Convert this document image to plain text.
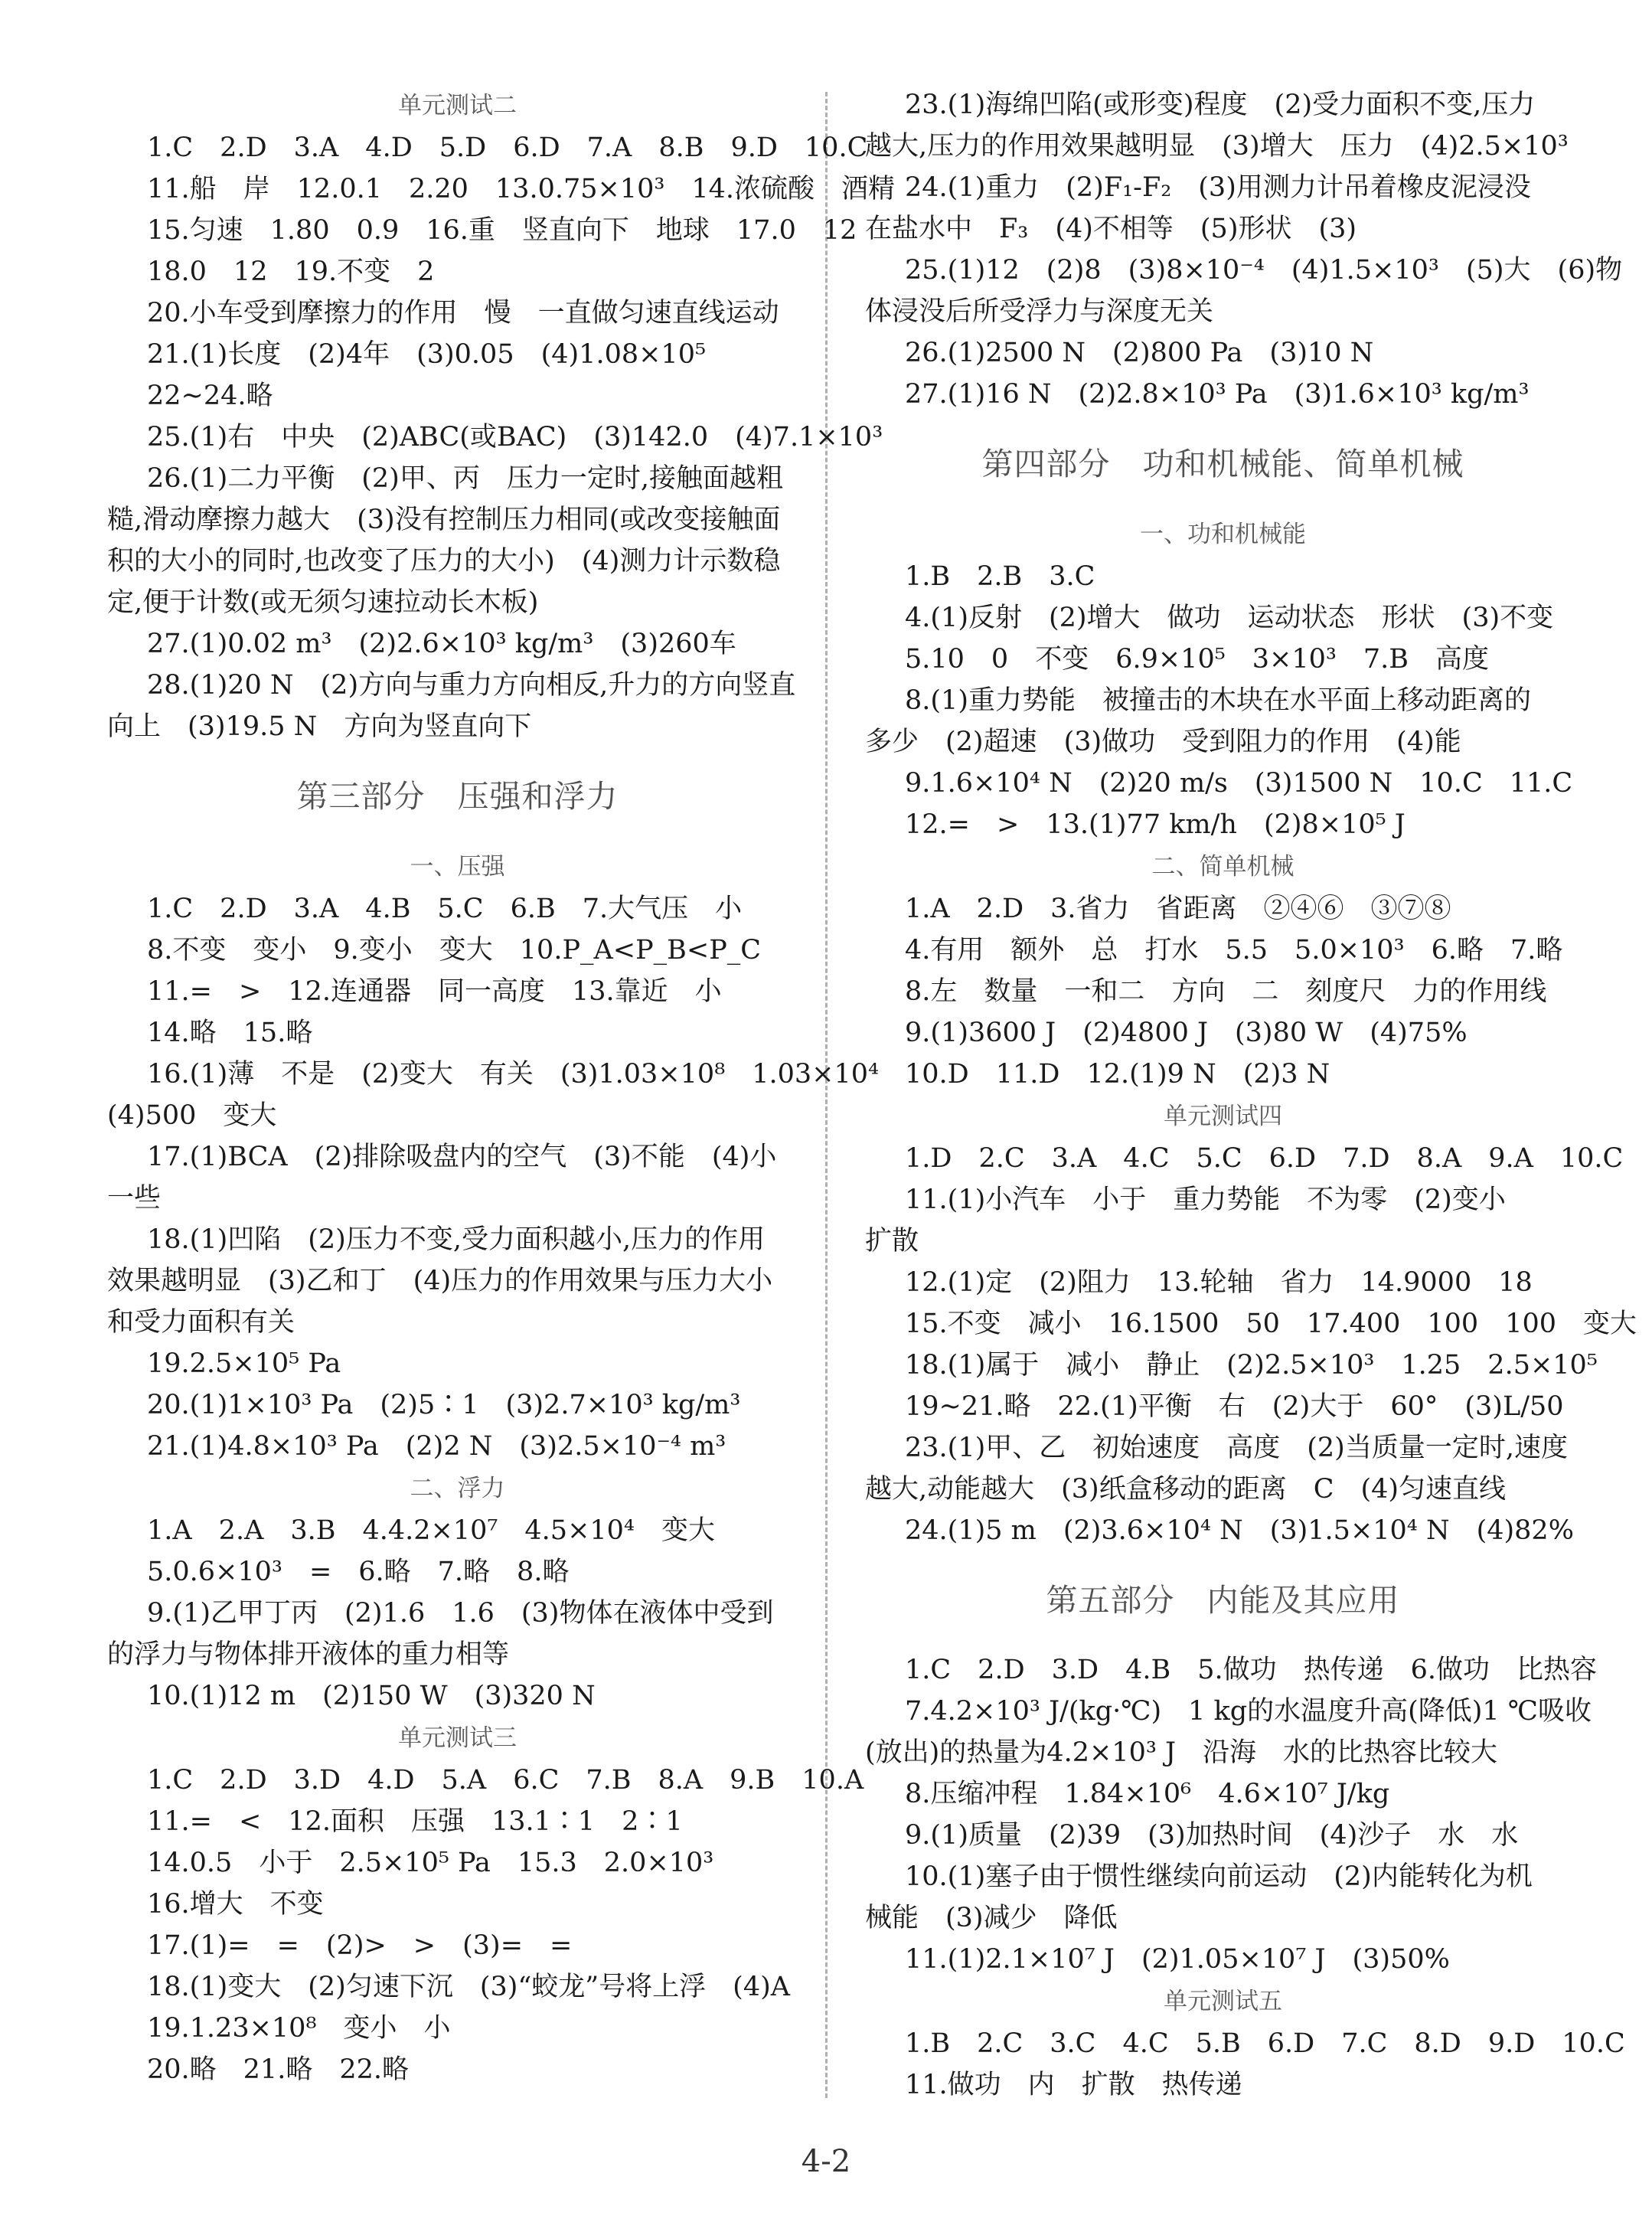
单元测试二
1.C　2.D　3.A　4.D　5.D　6.D　7.A　8.B　9.D　10.C
11.船　岸　12.0.1　2.20　13.0.75×10³　14.浓硫酸　酒精
15.匀速　1.80　0.9　16.重　竖直向下　地球　17.0　12
18.0　12　19.不变　2
20.小车受到摩擦力的作用　慢　一直做匀速直线运动
21.(1)长度　(2)4年　(3)0.05　(4)1.08×10⁵
22~24.略
25.(1)右　中央　(2)ABC(或BAC)　(3)142.0　(4)7.1×10³
26.(1)二力平衡　(2)甲、丙　压力一定时,接触面越粗
糙,滑动摩擦力越大　(3)没有控制压力相同(或改变接触面
积的大小的同时,也改变了压力的大小)　(4)测力计示数稳
定,便于计数(或无须匀速拉动长木板)
27.(1)0.02 m³　(2)2.6×10³ kg/m³　(3)260车
28.(1)20 N　(2)方向与重力方向相反,升力的方向竖直
向上　(3)19.5 N　方向为竖直向下
第三部分　压强和浮力
一、压强
1.C　2.D　3.A　4.B　5.C　6.B　7.大气压　小
8.不变　变小　9.变小　变大　10.P_A<P_B<P_C
11.=　>　12.连通器　同一高度　13.靠近　小
14.略　15.略
16.(1)薄　不是　(2)变大　有关　(3)1.03×10⁸　1.03×10⁴
(4)500　变大
17.(1)BCA　(2)排除吸盘内的空气　(3)不能　(4)小
一些
18.(1)凹陷　(2)压力不变,受力面积越小,压力的作用
效果越明显　(3)乙和丁　(4)压力的作用效果与压力大小
和受力面积有关
19.2.5×10⁵ Pa
20.(1)1×10³ Pa　(2)5∶1　(3)2.7×10³ kg/m³
21.(1)4.8×10³ Pa　(2)2 N　(3)2.5×10⁻⁴ m³
二、浮力
1.A　2.A　3.B　4.4.2×10⁷　4.5×10⁴　变大
5.0.6×10³　=　6.略　7.略　8.略
9.(1)乙甲丁丙　(2)1.6　1.6　(3)物体在液体中受到
的浮力与物体排开液体的重力相等
10.(1)12 m　(2)150 W　(3)320 N
单元测试三
1.C　2.D　3.D　4.D　5.A　6.C　7.B　8.A　9.B　10.A
11.=　<　12.面积　压强　13.1∶1　2∶1
14.0.5　小于　2.5×10⁵ Pa　15.3　2.0×10³
16.增大　不变
17.(1)=　=　(2)>　>　(3)=　=
18.(1)变大　(2)匀速下沉　(3)“蛟龙”号将上浮　(4)A
19.1.23×10⁸　变小　小
20.略　21.略　22.略
23.(1)海绵凹陷(或形变)程度　(2)受力面积不变,压力
越大,压力的作用效果越明显　(3)增大　压力　(4)2.5×10³
24.(1)重力　(2)F₁-F₂　(3)用测力计吊着橡皮泥浸没
在盐水中　F₃　(4)不相等　(5)形状　(3)
25.(1)12　(2)8　(3)8×10⁻⁴　(4)1.5×10³　(5)大　(6)物
体浸没后所受浮力与深度无关
26.(1)2500 N　(2)800 Pa　(3)10 N
27.(1)16 N　(2)2.8×10³ Pa　(3)1.6×10³ kg/m³
第四部分　功和机械能、简单机械
一、功和机械能
1.B　2.B　3.C
4.(1)反射　(2)增大　做功　运动状态　形状　(3)不变
5.10　0　不变　6.9×10⁵　3×10³　7.B　高度
8.(1)重力势能　被撞击的木块在水平面上移动距离的
多少　(2)超速　(3)做功　受到阻力的作用　(4)能
9.1.6×10⁴ N　(2)20 m/s　(3)1500 N　10.C　11.C
12.=　>　13.(1)77 km/h　(2)8×10⁵ J
二、简单机械
1.A　2.D　3.省力　省距离　②④⑥　③⑦⑧
4.有用　额外　总　打水　5.5　5.0×10³　6.略　7.略
8.左　数量　一和二　方向　二　刻度尺　力的作用线
9.(1)3600 J　(2)4800 J　(3)80 W　(4)75%
10.D　11.D　12.(1)9 N　(2)3 N
单元测试四
1.D　2.C　3.A　4.C　5.C　6.D　7.D　8.A　9.A　10.C
11.(1)小汽车　小于　重力势能　不为零　(2)变小
扩散
12.(1)定　(2)阻力　13.轮轴　省力　14.9000　18
15.不变　减小　16.1500　50　17.400　100　100　变大
18.(1)属于　减小　静止　(2)2.5×10³　1.25　2.5×10⁵
19~21.略　22.(1)平衡　右　(2)大于　60°　(3)L/50
23.(1)甲、乙　初始速度　高度　(2)当质量一定时,速度
越大,动能越大　(3)纸盒移动的距离　C　(4)匀速直线
24.(1)5 m　(2)3.6×10⁴ N　(3)1.5×10⁴ N　(4)82%
第五部分　内能及其应用
1.C　2.D　3.D　4.B　5.做功　热传递　6.做功　比热容
7.4.2×10³ J/(kg·℃)　1 kg的水温度升高(降低)1 ℃吸收
(放出)的热量为4.2×10³ J　沿海　水的比热容比较大
8.压缩冲程　1.84×10⁶　4.6×10⁷ J/kg
9.(1)质量　(2)39　(3)加热时间　(4)沙子　水　水
10.(1)塞子由于惯性继续向前运动　(2)内能转化为机
械能　(3)减少　降低
11.(1)2.1×10⁷ J　(2)1.05×10⁷ J　(3)50%
单元测试五
1.B　2.C　3.C　4.C　5.B　6.D　7.C　8.D　9.D　10.C
11.做功　内　扩散　热传递
4-2
